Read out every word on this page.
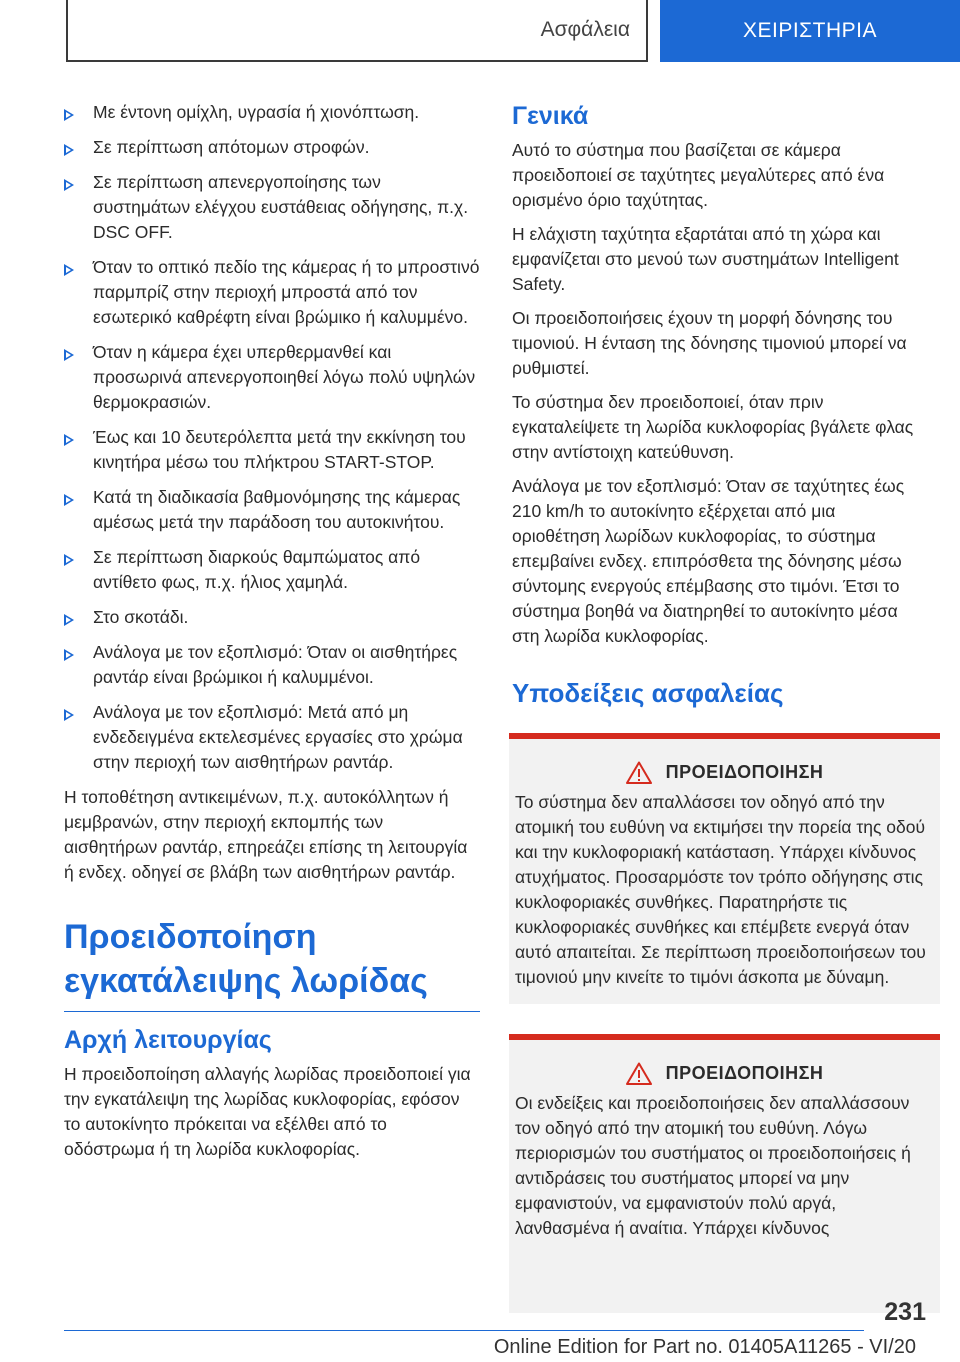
Ασφάλεια	ΧΕΙΡΙΣΤΗΡΙΑ
Με έντονη ομίχλη, υγρασία ή χιονόπτωση.
Σε περίπτωση απότομων στροφών.
Σε περίπτωση απενεργοποίησης των συστημάτων ελέγχου ευστάθειας οδήγησης, π.χ. DSC OFF.
Όταν το οπτικό πεδίο της κάμερας ή το μπροστινό παρμπρίζ στην περιοχή μπροστά από τον εσωτερικό καθρέφτη είναι βρώμικο ή καλυμμένο.
Όταν η κάμερα έχει υπερθερμανθεί και προσωρινά απενεργοποιηθεί λόγω πολύ υψηλών θερμοκρασιών.
Έως και 10 δευτερόλεπτα μετά την εκκίνηση του κινητήρα μέσω του πλήκτρου START-STOP.
Κατά τη διαδικασία βαθμονόμησης της κάμερας αμέσως μετά την παράδοση του αυτοκινήτου.
Σε περίπτωση διαρκούς θαμπώματος από αντίθετο φως, π.χ. ήλιος χαμηλά.
Στο σκοτάδι.
Ανάλογα με τον εξοπλισμό: Όταν οι αισθητήρες ραντάρ είναι βρώμικοι ή καλυμμένοι.
Ανάλογα με τον εξοπλισμό: Μετά από μη ενδεδειγμένα εκτελεσμένες εργασίες στο χρώμα στην περιοχή των αισθητήρων ραντάρ.

Η τοποθέτηση αντικειμένων, π.χ. αυτοκόλλητων ή μεμβρανών, στην περιοχή εκπομπής των αισθητήρων ραντάρ, επηρεάζει επίσης τη λειτουργία ή ενδεχ. οδηγεί σε βλάβη των αισθητήρων ραντάρ.

Προειδοποίηση εγκατάλειψης λωρίδας
Αρχή λειτουργίας

Η προειδοποίηση αλλαγής λωρίδας προειδοποιεί για την εγκατάλειψη της λωρίδας κυκλοφορίας, εφόσον το αυτοκίνητο πρόκειται να εξέλθει από το οδόστρωμα ή τη λωρίδα κυκλοφορίας.

Γενικά

Αυτό το σύστημα που βασίζεται σε κάμερα προειδοποιεί σε ταχύτητες μεγαλύτερες από ένα ορισμένο όριο ταχύτητας.

Η ελάχιστη ταχύτητα εξαρτάται από τη χώρα και εμφανίζεται στο μενού των συστημάτων Intelligent Safety.

Οι προειδοποιήσεις έχουν τη μορφή δόνησης του τιμονιού. Η ένταση της δόνησης τιμονιού μπορεί να ρυθμιστεί.

Το σύστημα δεν προειδοποιεί, όταν πριν εγκαταλείψετε τη λωρίδα κυκλοφορίας βγάλετε φλας στην αντίστοιχη κατεύθυνση.

Ανάλογα με τον εξοπλισμό: Όταν σε ταχύτητες έως 210 km/h το αυτοκίνητο εξέρχεται από μια οριοθέτηση λωρίδων κυκλοφορίας, το σύστημα επεμβαίνει ενδεχ. επιπρόσθετα της δόνησης μέσω σύντομης ενεργούς επέμβασης στο τιμόνι. Έτσι το σύστημα βοηθά να διατηρηθεί το αυτοκίνητο μέσα στη λωρίδα κυκλοφορίας.

Υποδείξεις ασφαλείας
ΠΡΟΕΙΔΟΠΟΙΗΣΗ

Το σύστημα δεν απαλλάσσει τον οδηγό από την ατομική του ευθύνη να εκτιμήσει την πορεία της οδού και την κυκλοφοριακή κατάσταση. Υπάρχει κίνδυνος ατυχήματος. Προσαρμόστε τον τρόπο οδήγησης στις κυκλοφοριακές συνθήκες. Παρατηρήστε τις κυκλοφοριακές συνθήκες και επέμβετε ενεργά όταν αυτό απαιτείται. Σε περίπτωση προειδοποιήσεων του τιμονιού μην κινείτε το τιμόνι άσκοπα με δύναμη.

ΠΡΟΕΙΔΟΠΟΙΗΣΗ

Οι ενδείξεις και προειδοποιήσεις δεν απαλλάσσουν τον οδηγό από την ατομική του ευθύνη. Λόγω περιορισμών του συστήματος οι προειδοποιήσεις ή αντιδράσεις του συστήματος μπορεί να μην εμφανιστούν, να εμφανιστούν πολύ αργά, λανθασμένα ή αναίτια. Υπάρχει κίνδυνος

231
Online Edition for Part no. 01405A11265 - VI/20
